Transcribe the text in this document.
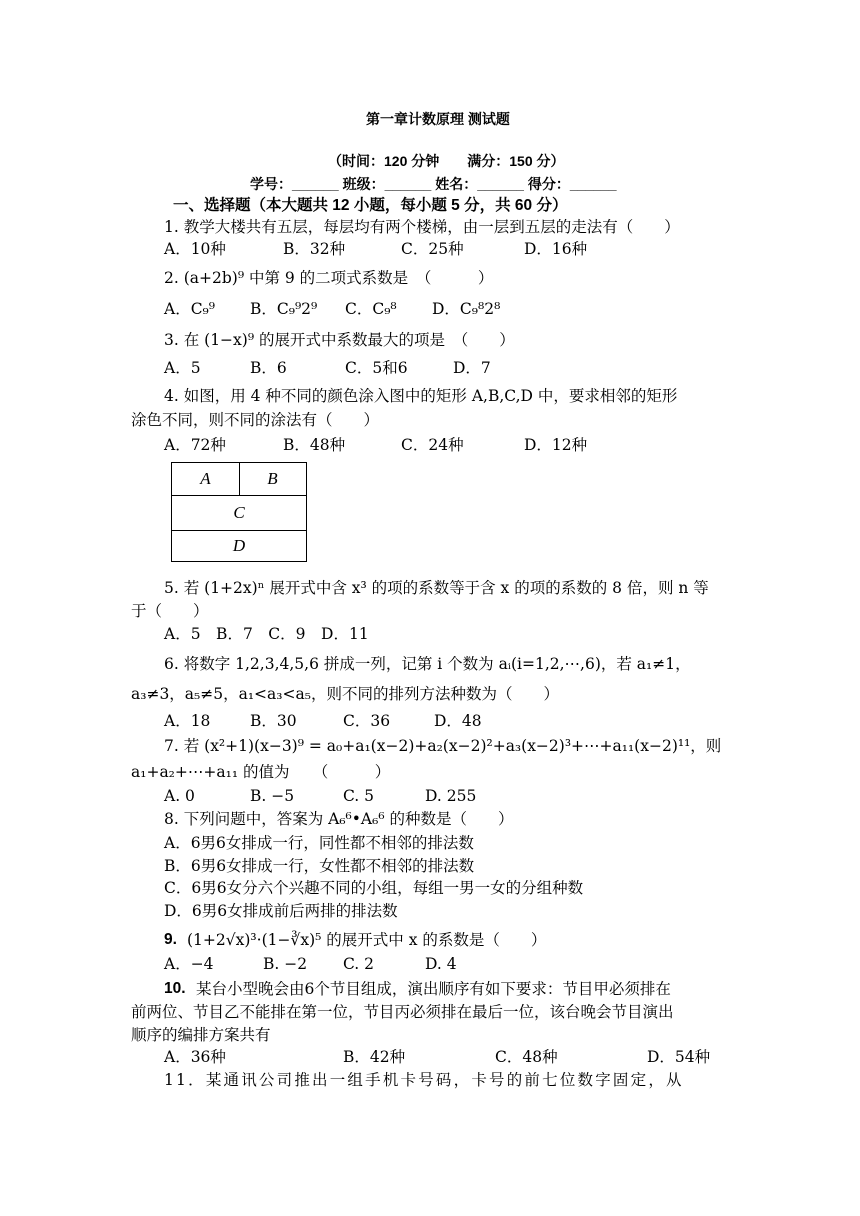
第一章计数原理 测试题
（时间：120 分钟　　满分：150 分）
学号：______ 班级：______ 姓名：______ 得分：______
一、选择题（本大题共 12 小题，每小题 5 分，共 60 分）
1. 教学大楼共有五层，每层均有两个楼梯，由一层到五层的走法有（　　）
A．10种	B．32种	C．25种	D．16种
2. (a+2b)⁹ 中第 9 的二项式系数是　（　　　）
A．C₉⁹ B．C₉⁹2⁹ C．C₉⁸ D．C₉⁸2⁸
3. 在 (1−x)⁹ 的展开式中系数最大的项是　（　　）
A．5	B．6	C．5和6	D．7
4. 如图，用 4 种不同的颜色涂入图中的矩形 A,B,C,D 中，要求相邻的矩形
涂色不同，则不同的涂法有（　　）
A．72种	B．48种	C．24种	D．12种
A	B
C
D
5. 若 (1+2x)ⁿ 展开式中含 x³ 的项的系数等于含 x 的项的系数的 8 倍，则 n 等
于（　　）
A．5　B．7　C．9　D．11
6. 将数字 1,2,3,4,5,6 拼成一列，记第 i 个数为 aᵢ(i=1,2,⋯,6)，若 a₁≠1，
a₃≠3，a₅≠5，a₁<a₃<a₅，则不同的排列方法种数为（　　）
A．18	B．30	C．36	D．48
7. 若 (x²+1)(x−3)⁹ = a₀+a₁(x−2)+a₂(x−2)²+a₃(x−2)³+⋯+a₁₁(x−2)¹¹，则
a₁+a₂+⋯+a₁₁ 的值为　　（　　　）
A. 0	B. −5	C. 5	D. 255
8. 下列问题中，答案为 A₆⁶•A₆⁶ 的种数是（　　）
A．6男6女排成一行，同性都不相邻的排法数
B．6男6女排成一行，女性都不相邻的排法数
C．6男6女分六个兴趣不同的小组，每组一男一女的分组种数
D．6男6女排成前后两排的排法数
9. (1+2√x)³·(1−∛x)⁵ 的展开式中 x 的系数是（　　）
A．−4	B. −2 C. 2	D. 4
10. 某台小型晚会由6个节目组成，演出顺序有如下要求：节目甲必须排在
前两位、节目乙不能排在第一位，节目丙必须排在最后一位，该台晚会节目演出
顺序的编排方案共有
A．36种	B．42种	C．48种	D．54种
11．某通讯公司推出一组手机卡号码，卡号的前七位数字固定，从
